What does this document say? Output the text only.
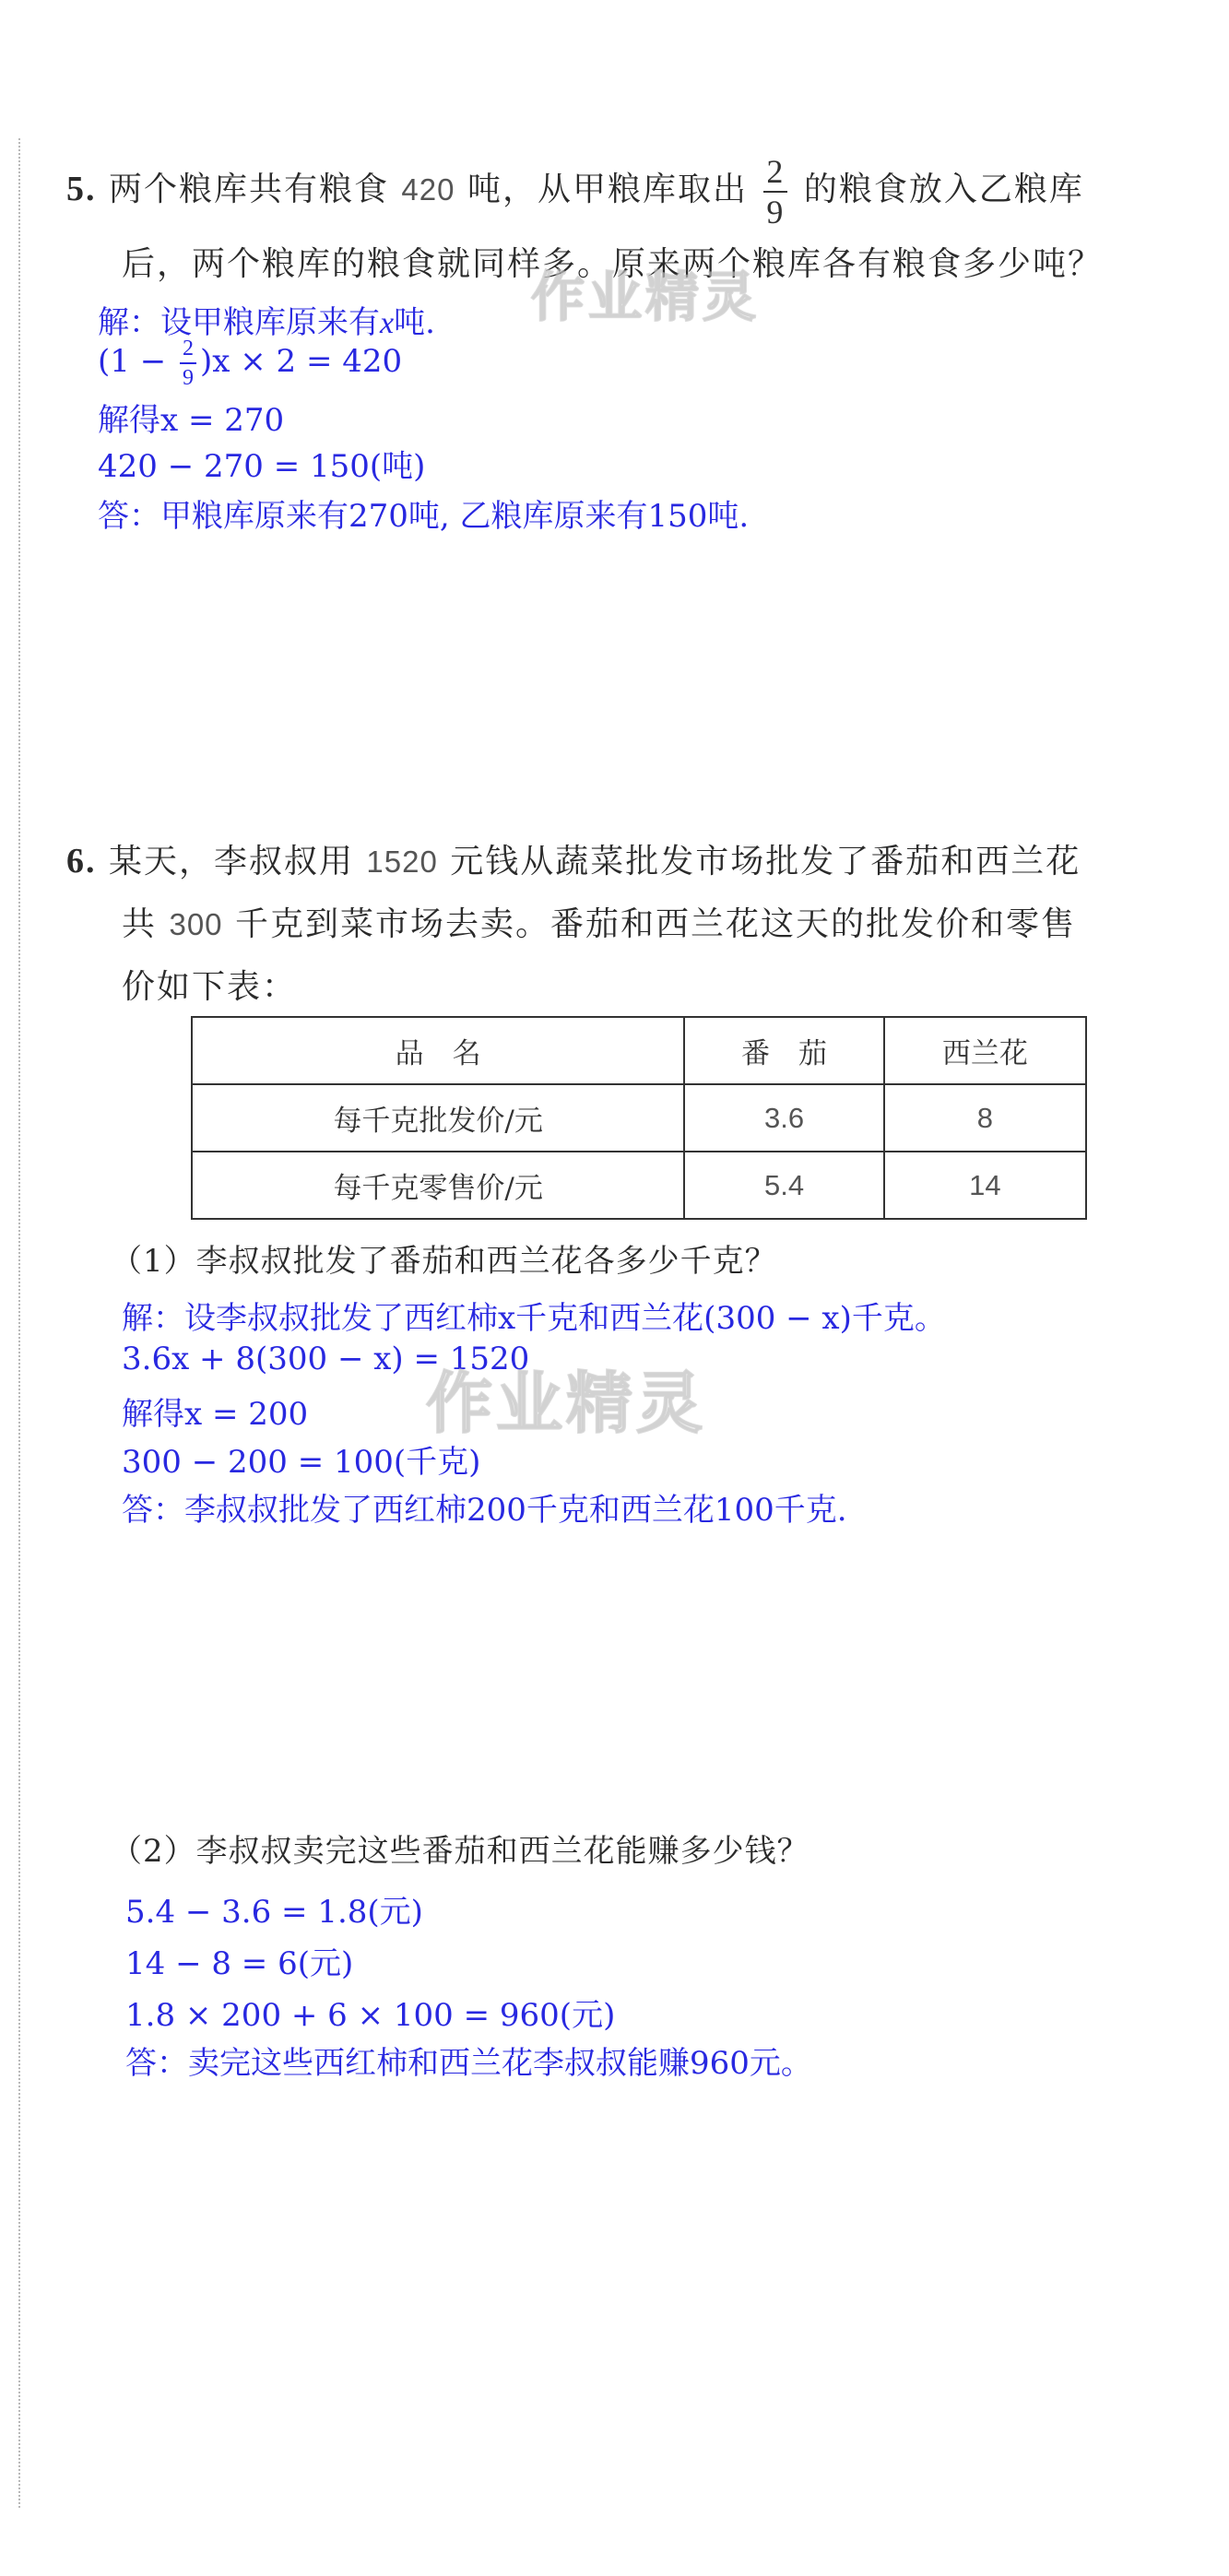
5. 两个粮库共有粮食 420 吨，从甲粮库取出 $\frac{2}{9}$ 的粮食放入乙粮库
后，两个粮库的粮食就同样多。原来两个粮库各有粮食多少吨？
解：设甲粮库原来有x吨.
$(1 - \frac{2}{9} )x \times 2 = 420$
解得x = 270
420 − 270 = 150(吨)
答：甲粮库原来有270吨, 乙粮库原来有150吨.
作业精灵
6. 某天，李叔叔用 1520 元钱从蔬菜批发市场批发了番茄和西兰花
共 300 千克到菜市场去卖。番茄和西兰花这天的批发价和零售
价如下表：
品　名	番　茄	西兰花
每千克批发价/元	3.6	8
每千克零售价/元	5.4	14
（1）李叔叔批发了番茄和西兰花各多少千克？
解：设李叔叔批发了西红柿x千克和西兰花(300 − x)千克。
3.6x + 8(300 − x) = 1520
解得x = 200
300 − 200 = 100(千克)
答：李叔叔批发了西红柿200千克和西兰花100千克.
作业精灵
（2）李叔叔卖完这些番茄和西兰花能赚多少钱？
5.4 − 3.6 = 1.8(元)
14 − 8 = 6(元)
1.8 × 200 + 6 × 100 = 960(元)
答：卖完这些西红柿和西兰花李叔叔能赚960元。
